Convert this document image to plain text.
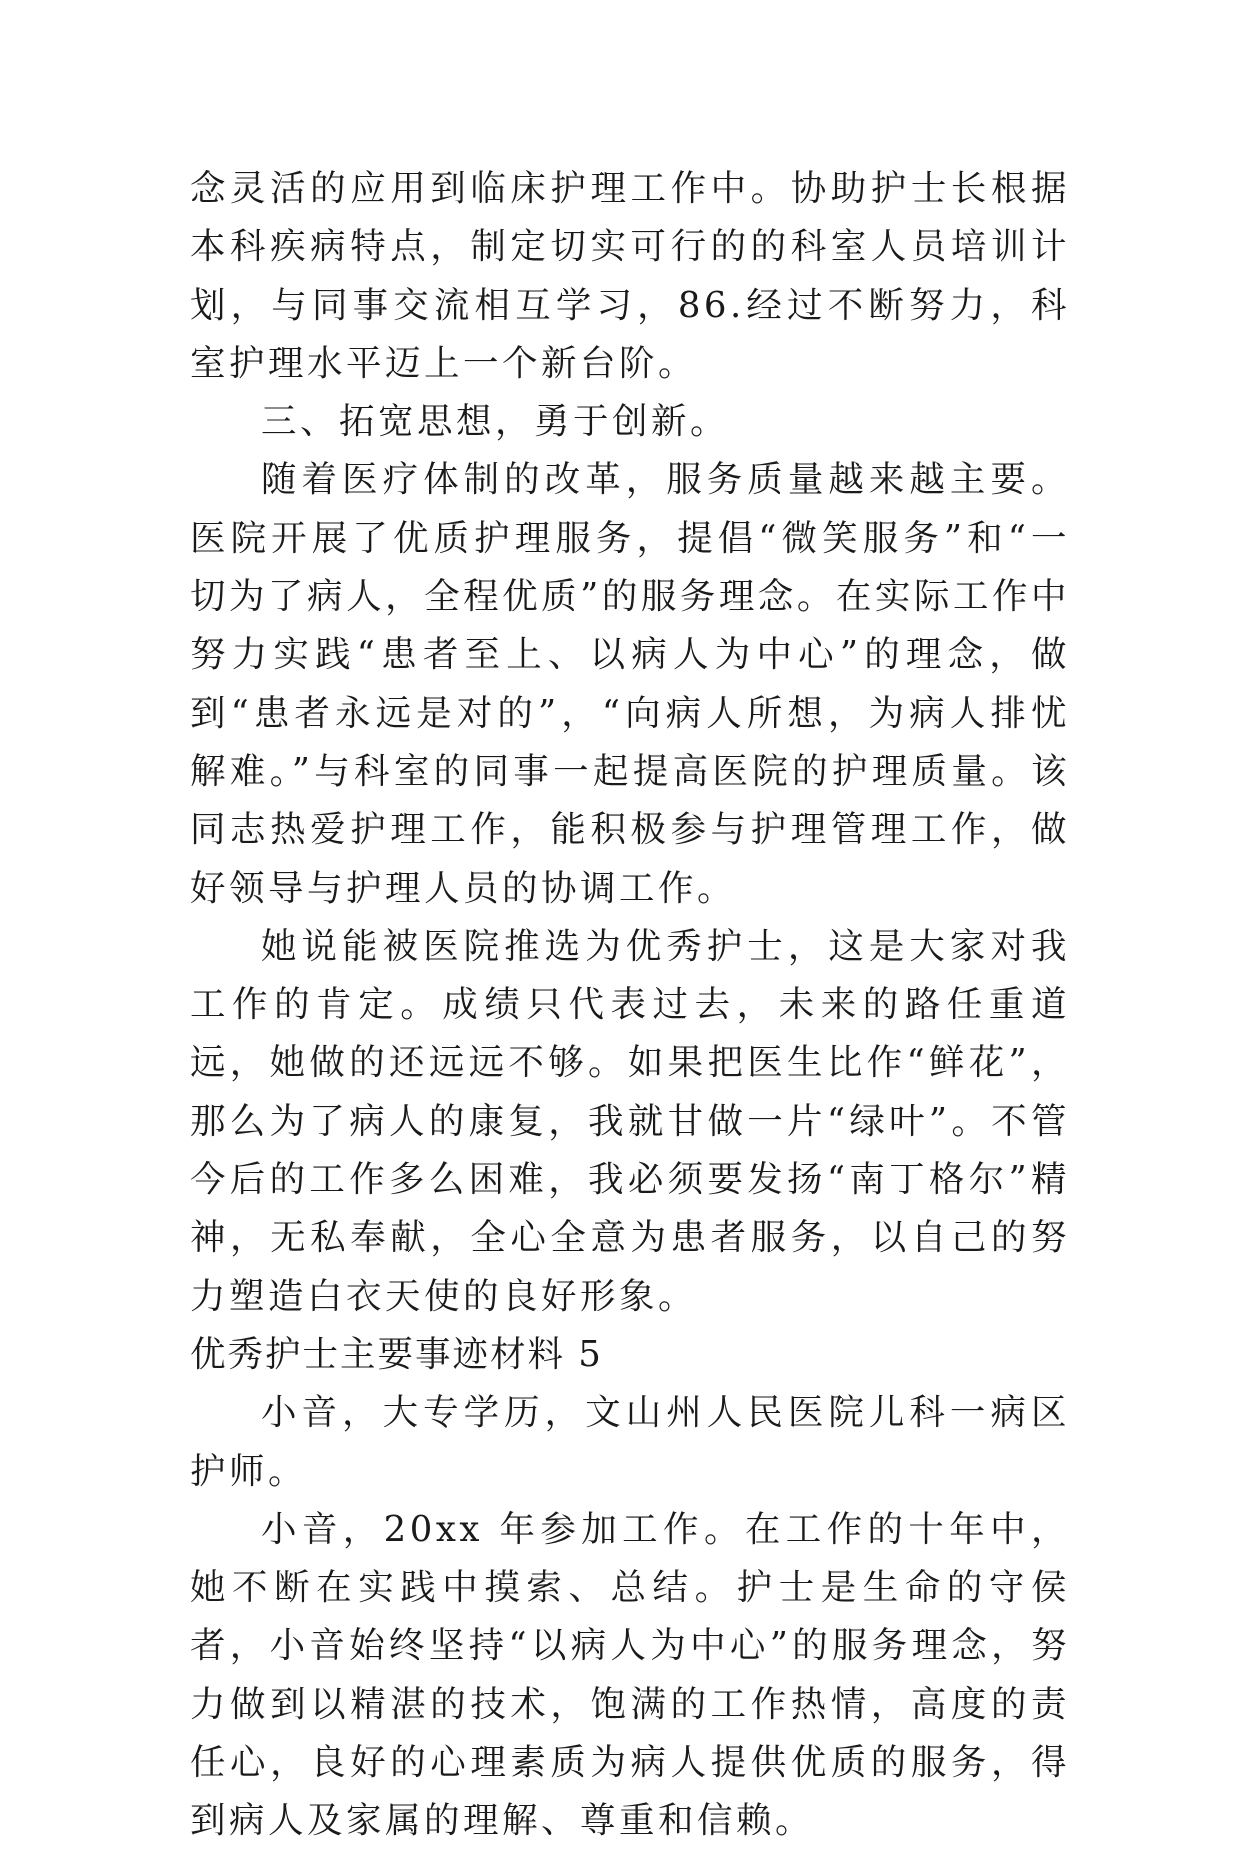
念灵活的应用到临床护理工作中。协助护士长根据本科疾病特点，制定切实可行的的科室人员培训计划，与同事交流相互学习，86.经过不断努力，科室护理水平迈上一个新台阶。

三、拓宽思想，勇于创新。

随着医疗体制的改革，服务质量越来越主要。医院开展了优质护理服务，提倡“微笑服务”和“一切为了病人，全程优质”的服务理念。在实际工作中努力实践“患者至上、以病人为中心”的理念，做到“患者永远是对的”，“向病人所想，为病人排忧解难。”与科室的同事一起提高医院的护理质量。该同志热爱护理工作，能积极参与护理管理工作，做好领导与护理人员的协调工作。

她说能被医院推选为优秀护士，这是大家对我工作的肯定。成绩只代表过去，未来的路任重道远，她做的还远远不够。如果把医生比作“鲜花”，那么为了病人的康复，我就甘做一片“绿叶”。不管今后的工作多么困难，我必须要发扬“南丁格尔”精神，无私奉献，全心全意为患者服务，以自己的努力塑造白衣天使的良好形象。

优秀护士主要事迹材料 5

小音，大专学历，文山州人民医院儿科一病区护师。

小音，20xx 年参加工作。在工作的十年中，她不断在实践中摸索、总结。护士是生命的守侯者，小音始终坚持“以病人为中心”的服务理念，努力做到以精湛的技术，饱满的工作热情，高度的责任心，良好的心理素质为病人提供优质的服务，得到病人及家属的理解、尊重和信赖。
